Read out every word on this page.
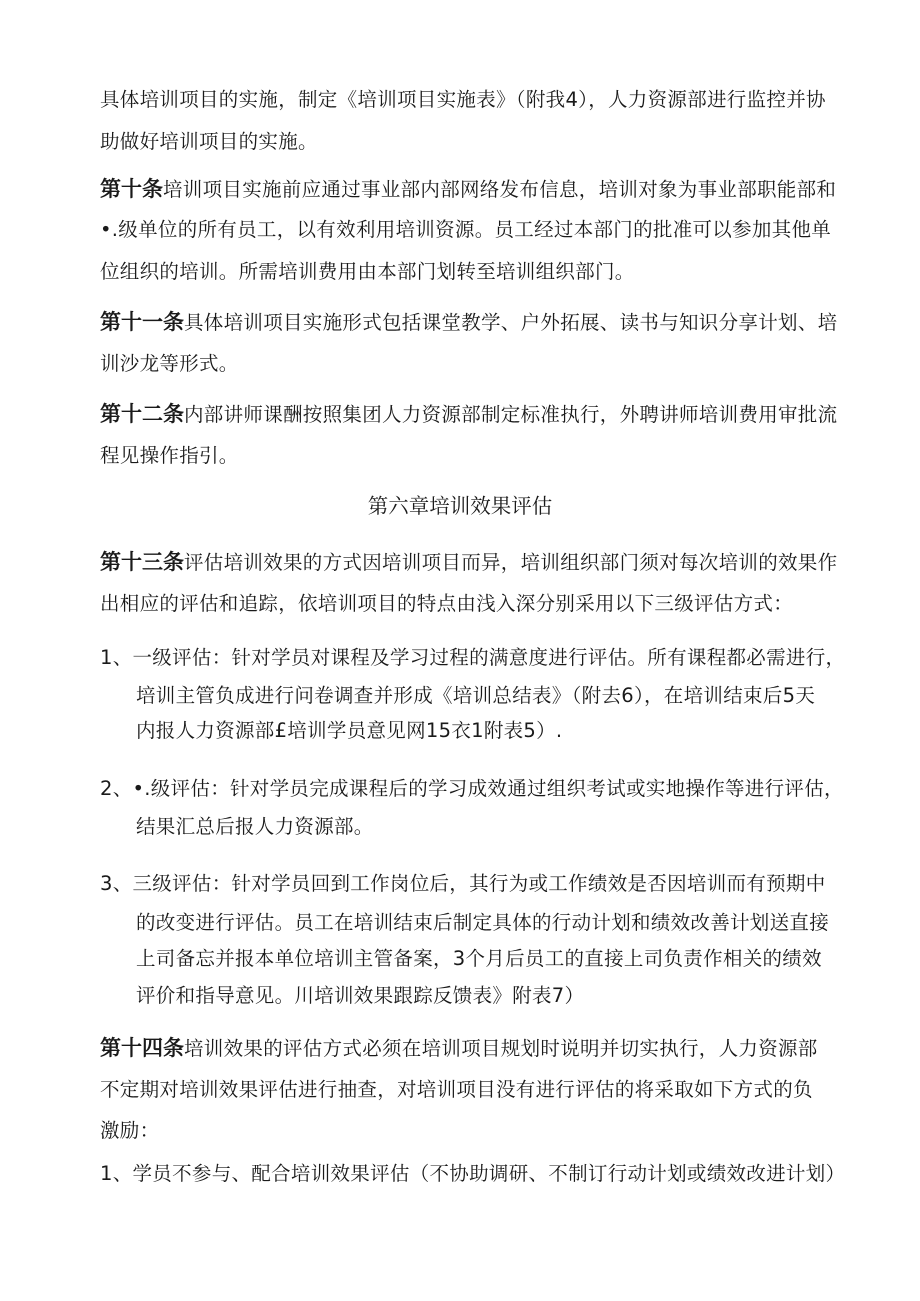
具体培训项目的实施，制定《培训项目实施表》（附我4），人力资源部进行监控并协
助做好培训项目的实施。
第十条培训项目实施前应通过事业部内部网络发布信息，培训对象为事业部职能部和
•.级单位的所有员工，以有效利用培训资源。员工经过本部门的批准可以参加其他单
位组织的培训。所需培训费用由本部门划转至培训组织部门。
第十一条具体培训项目实施形式包括课堂教学、户外拓展、读书与知识分享计划、培
训沙龙等形式。
第十二条内部讲师课酬按照集团人力资源部制定标准执行，外聘讲师培训费用审批流
程见操作指引。
第六章培训效果评估
第十三条评估培训效果的方式因培训项目而异，培训组织部门须对每次培训的效果作
出相应的评估和追踪，依培训项目的特点由浅入深分别采用以下三级评估方式：
1、一级评估：针对学员对课程及学习过程的满意度进行评估。所有课程都必需进行，
培训主管负成进行问卷调查并形成《培训总结表》（附去6），在培训结束后5天
内报人力资源部£培训学员意见网15衣1附表5）.
2、•.级评估：针对学员完成课程后的学习成效通过组织考试或实地操作等进行评估，
结果汇总后报人力资源部。
3、三级评估：针对学员回到工作岗位后，其行为或工作绩效是否因培训而有预期中
的改变进行评估。员工在培训结束后制定具体的行动计划和绩效改善计划送直接
上司备忘并报本单位培训主管备案，3个月后员工的直接上司负责作相关的绩效
评价和指导意见。川培训效果跟踪反馈表》附表7）
第十四条培训效果的评估方式必须在培训项目规划时说明并切实执行，人力资源部
不定期对培训效果评估进行抽查，对培训项目没有进行评估的将采取如下方式的负
激励：
1、学员不参与、配合培训效果评估（不协助调研、不制订行动计划或绩效改进计划）
